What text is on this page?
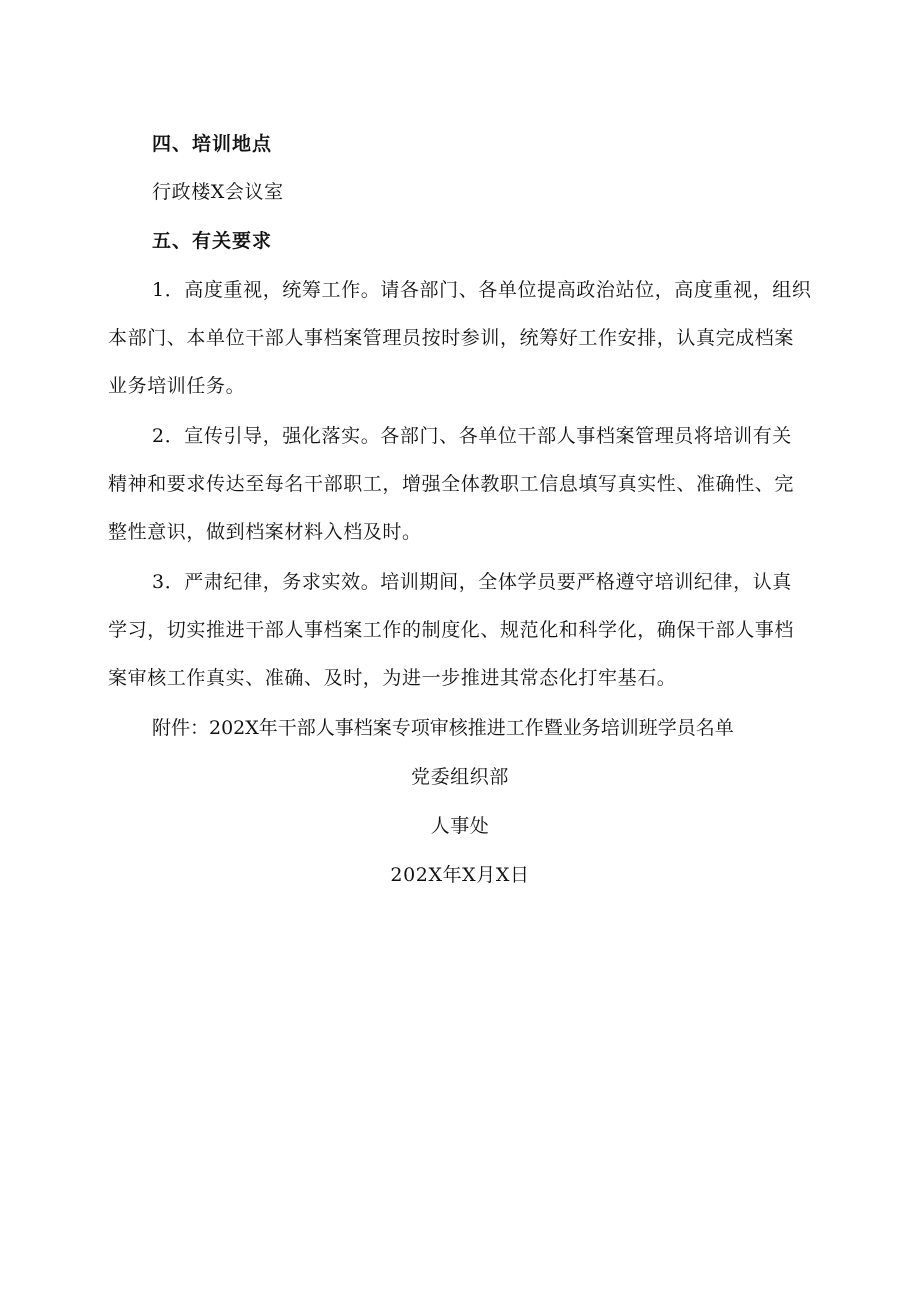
四、培训地点
行政楼X会议室
五、有关要求
1．高度重视，统筹工作。请各部门、各单位提高政治站位，高度重视，组织
本部门、本单位干部人事档案管理员按时参训，统筹好工作安排，认真完成档案
业务培训任务。
2．宣传引导，强化落实。各部门、各单位干部人事档案管理员将培训有关
精神和要求传达至每名干部职工，增强全体教职工信息填写真实性、准确性、完
整性意识，做到档案材料入档及时。
3．严肃纪律，务求实效。培训期间，全体学员要严格遵守培训纪律，认真
学习，切实推进干部人事档案工作的制度化、规范化和科学化，确保干部人事档
案审核工作真实、准确、及时，为进一步推进其常态化打牢基石。
附件：202X年干部人事档案专项审核推进工作暨业务培训班学员名单
党委组织部
人事处
202X年X月X日
